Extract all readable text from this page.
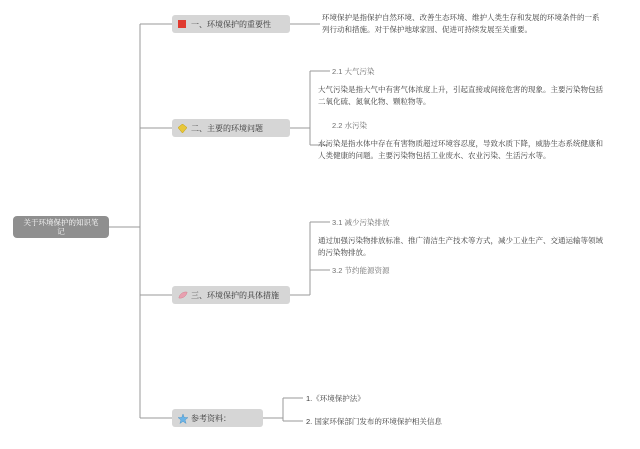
关于环境保护的知识笔记
一、环境保护的重要性
环境保护是指保护自然环境、改善生态环境、维护人类生存和发展的环境条件的一系列行动和措施。对于保护地球家园、促进可持续发展至关重要。
二、主要的环境问题
2.1 大气污染
大气污染是指大气中有害气体浓度上升，引起直接或间接危害的现象。主要污染物包括二氧化硫、氮氧化物、颗粒物等。
2.2 水污染
水污染是指水体中存在有害物质超过环境容忍度，导致水质下降，威胁生态系统健康和人类健康的问题。主要污染物包括工业废水、农业污染、生活污水等。
三、环境保护的具体措施
3.1 减少污染排放
通过加强污染物排放标准、推广清洁生产技术等方式，减少工业生产、交通运输等领域的污染物排放。
3.2 节约能源资源
参考资料：
1.《环境保护法》
2. 国家环保部门发布的环境保护相关信息
